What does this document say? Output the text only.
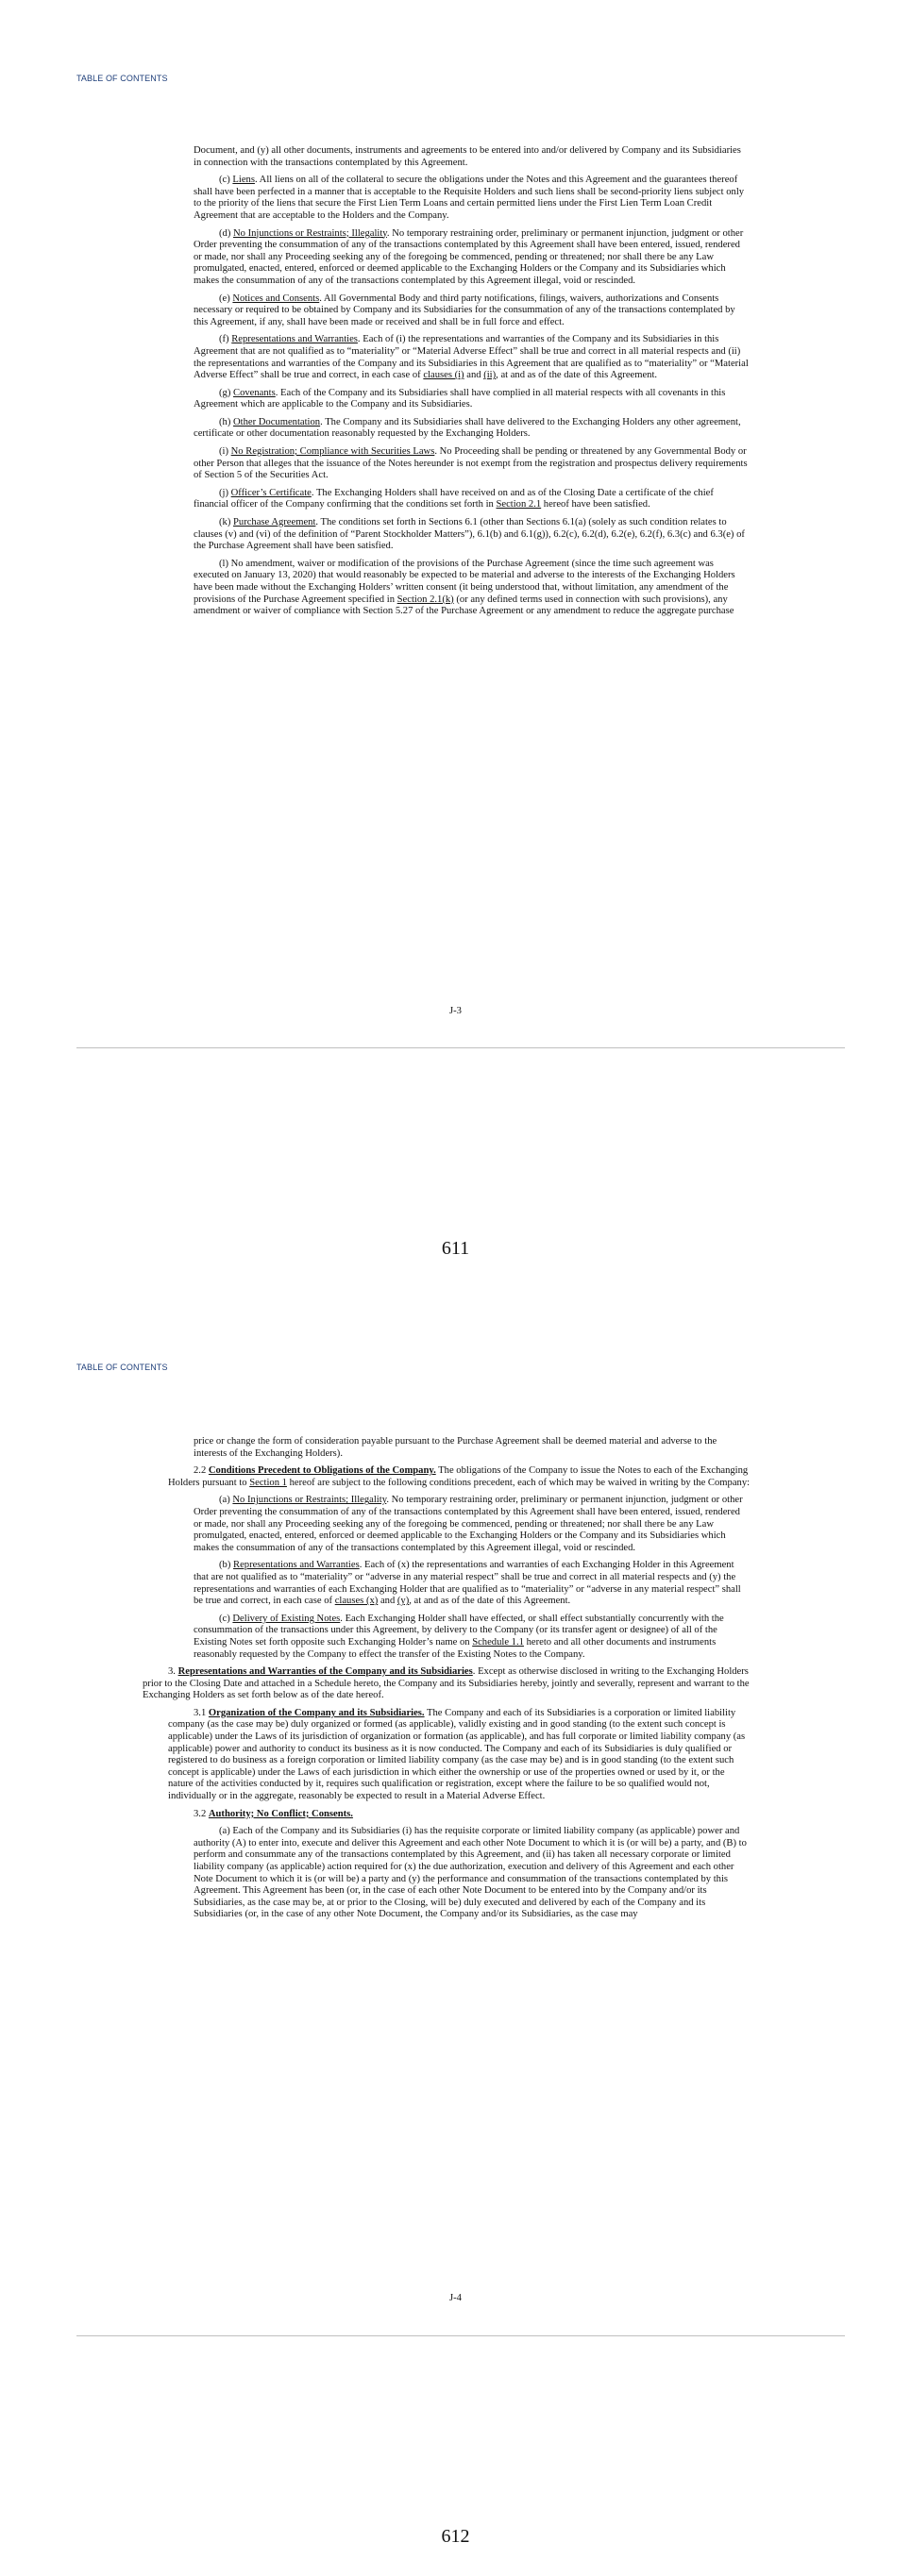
TABLE OF CONTENTS

Document, and (y) all other documents, instruments and agreements to be entered into and/or delivered by Company and its Subsidiaries in connection with the transactions contemplated by this Agreement.

(c) Liens. All liens on all of the collateral to secure the obligations under the Notes and this Agreement and the guarantees thereof shall have been perfected in a manner that is acceptable to the Requisite Holders and such liens shall be second-priority liens subject only to the priority of the liens that secure the First Lien Term Loans and certain permitted liens under the First Lien Term Loan Credit Agreement that are acceptable to the Holders and the Company.

(d) No Injunctions or Restraints; Illegality. No temporary restraining order, preliminary or permanent injunction, judgment or other Order preventing the consummation of any of the transactions contemplated by this Agreement shall have been entered, issued, rendered or made, nor shall any Proceeding seeking any of the foregoing be commenced, pending or threatened; nor shall there be any Law promulgated, enacted, entered, enforced or deemed applicable to the Exchanging Holders or the Company and its Subsidiaries which makes the consummation of any of the transactions contemplated by this Agreement illegal, void or rescinded.

(e) Notices and Consents. All Governmental Body and third party notifications, filings, waivers, authorizations and Consents necessary or required to be obtained by Company and its Subsidiaries for the consummation of any of the transactions contemplated by this Agreement, if any, shall have been made or received and shall be in full force and effect.

(f) Representations and Warranties. Each of (i) the representations and warranties of the Company and its Subsidiaries in this Agreement that are not qualified as to “materiality” or “Material Adverse Effect” shall be true and correct in all material respects and (ii) the representations and warranties of the Company and its Subsidiaries in this Agreement that are qualified as to “materiality” or “Material Adverse Effect” shall be true and correct, in each case of clauses (i) and (ii), at and as of the date of this Agreement.

(g) Covenants. Each of the Company and its Subsidiaries shall have complied in all material respects with all covenants in this Agreement which are applicable to the Company and its Subsidiaries.

(h) Other Documentation. The Company and its Subsidiaries shall have delivered to the Exchanging Holders any other agreement, certificate or other documentation reasonably requested by the Exchanging Holders.

(i) No Registration; Compliance with Securities Laws. No Proceeding shall be pending or threatened by any Governmental Body or other Person that alleges that the issuance of the Notes hereunder is not exempt from the registration and prospectus delivery requirements of Section 5 of the Securities Act.

(j) Officer’s Certificate. The Exchanging Holders shall have received on and as of the Closing Date a certificate of the chief financial officer of the Company confirming that the conditions set forth in Section 2.1 hereof have been satisfied.

(k) Purchase Agreement. The conditions set forth in Sections 6.1 (other than Sections 6.1(a) (solely as such condition relates to clauses (v) and (vi) of the definition of “Parent Stockholder Matters”), 6.1(b) and 6.1(g)), 6.2(c), 6.2(d), 6.2(e), 6.2(f), 6.3(c) and 6.3(e) of the Purchase Agreement shall have been satisfied.

(l) No amendment, waiver or modification of the provisions of the Purchase Agreement (since the time such agreement was executed on January 13, 2020) that would reasonably be expected to be material and adverse to the interests of the Exchanging Holders have been made without the Exchanging Holders’ written consent (it being understood that, without limitation, any amendment of the provisions of the Purchase Agreement specified in Section 2.1(k) (or any defined terms used in connection with such provisions), any amendment or waiver of compliance with Section 5.27 of the Purchase Agreement or any amendment to reduce the aggregate purchase

J-3
611
TABLE OF CONTENTS

price or change the form of consideration payable pursuant to the Purchase Agreement shall be deemed material and adverse to the interests of the Exchanging Holders).

2.2 Conditions Precedent to Obligations of the Company. The obligations of the Company to issue the Notes to each of the Exchanging Holders pursuant to Section 1 hereof are subject to the following conditions precedent, each of which may be waived in writing by the Company:

(a) No Injunctions or Restraints; Illegality. No temporary restraining order, preliminary or permanent injunction, judgment or other Order preventing the consummation of any of the transactions contemplated by this Agreement shall have been entered, issued, rendered or made, nor shall any Proceeding seeking any of the foregoing be commenced, pending or threatened; nor shall there be any Law promulgated, enacted, entered, enforced or deemed applicable to the Exchanging Holders or the Company and its Subsidiaries which makes the consummation of any of the transactions contemplated by this Agreement illegal, void or rescinded.

(b) Representations and Warranties. Each of (x) the representations and warranties of each Exchanging Holder in this Agreement that are not qualified as to “materiality” or “adverse in any material respect” shall be true and correct in all material respects and (y) the representations and warranties of each Exchanging Holder that are qualified as to “materiality” or “adverse in any material respect” shall be true and correct, in each case of clauses (x) and (y), at and as of the date of this Agreement.

(c) Delivery of Existing Notes. Each Exchanging Holder shall have effected, or shall effect substantially concurrently with the consummation of the transactions under this Agreement, by delivery to the Company (or its transfer agent or designee) of all of the Existing Notes set forth opposite such Exchanging Holder’s name on Schedule 1.1 hereto and all other documents and instruments reasonably requested by the Company to effect the transfer of the Existing Notes to the Company.

3. Representations and Warranties of the Company and its Subsidiaries. Except as otherwise disclosed in writing to the Exchanging Holders prior to the Closing Date and attached in a Schedule hereto, the Company and its Subsidiaries hereby, jointly and severally, represent and warrant to the Exchanging Holders as set forth below as of the date hereof.

3.1 Organization of the Company and its Subsidiaries. The Company and each of its Subsidiaries is a corporation or limited liability company (as the case may be) duly organized or formed (as applicable), validly existing and in good standing (to the extent such concept is applicable) under the Laws of its jurisdiction of organization or formation (as applicable), and has full corporate or limited liability company (as applicable) power and authority to conduct its business as it is now conducted. The Company and each of its Subsidiaries is duly qualified or registered to do business as a foreign corporation or limited liability company (as the case may be) and is in good standing (to the extent such concept is applicable) under the Laws of each jurisdiction in which either the ownership or use of the properties owned or used by it, or the nature of the activities conducted by it, requires such qualification or registration, except where the failure to be so qualified would not, individually or in the aggregate, reasonably be expected to result in a Material Adverse Effect.

3.2 Authority; No Conflict; Consents.

(a) Each of the Company and its Subsidiaries (i) has the requisite corporate or limited liability company (as applicable) power and authority (A) to enter into, execute and deliver this Agreement and each other Note Document to which it is (or will be) a party, and (B) to perform and consummate any of the transactions contemplated by this Agreement, and (ii) has taken all necessary corporate or limited liability company (as applicable) action required for (x) the due authorization, execution and delivery of this Agreement and each other Note Document to which it is (or will be) a party and (y) the performance and consummation of the transactions contemplated by this Agreement. This Agreement has been (or, in the case of each other Note Document to be entered into by the Company and/or its Subsidiaries, as the case may be, at or prior to the Closing, will be) duly executed and delivered by each of the Company and its Subsidiaries (or, in the case of any other Note Document, the Company and/or its Subsidiaries, as the case may

J-4
612
